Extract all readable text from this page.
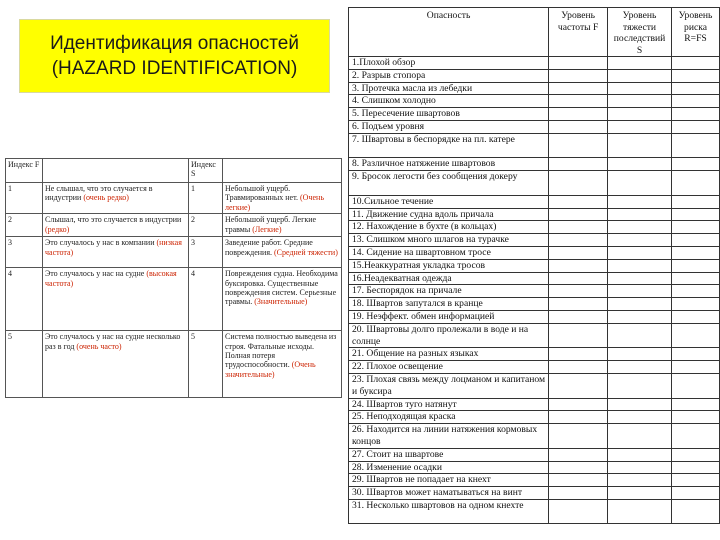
Идентификация опасностей
(HAZARD IDENTIFICATION)
Индекс F		Индекс S	
1	Не слышал, что это случается в индустрии (очень редко)	1	Небольшой ущерб. Травмированных нет. (Очень легкие)
2	Слышал, что это случается в индустрии (редко)	2	Небольшой ущерб. Легкие травмы (Легкие)
3	Это случалось у нас в компании (низкая частота)	3	Заведение работ. Средние повреждения. (Средней тяжести)
4	Это случалось у нас на судне (высокая частота)	4	Повреждения судна. Необходима буксировка. Существенные повреждения систем. Серьезные травмы. (Значительные)
5	Это случалось у нас на судне несколько раз в год (очень часто)	5	Система полностью выведена из строя. Фатальные исходы. Полная потеря трудоспособности. (Очень значительные)
Опасность	Уровень частоты F	Уровень тяжести последствий S	Уровень риска R=FS
1.Плохой обзор			
2. Разрыв стопора			
3. Протечка масла из лебедки			
4. Слишком холодно			
5. Пересечение швартовов			
6. Подъем уровня			
7. Швартовы в беспорядке на пл. катере			
8. Различное натяжение швартовов			
9. Бросок легости без сообщения докеру			
10.Сильное течение			
11. Движение судна вдоль причала			
12. Нахождение в бухте (в кольцах)			
13. Слишком много шлагов на турачке			
14. Сидение на швартовном тросе			
15.Неаккуратная укладка тросов			
16.Неадекватная одежда			
17. Беспорядок на причале			
18. Швартов запутался в кранце			
19. Неэффект. обмен информацией			
20. Швартовы долго пролежали в воде и на солнце			
21. Общение на разных языках			
22. Плохое освещение			
23. Плохая связь между лоцманом и капитаном и буксира			
24. Швартов туго натянут			
25. Неподходящая краска			
26. Находится на линии натяжения кормовых концов			
27. Стоит на швартове			
28. Изменение осадки			
29. Швартов не попадает на кнехт			
30. Швартов может наматываться на винт			
31. Несколько швартовов на одном кнехте			
